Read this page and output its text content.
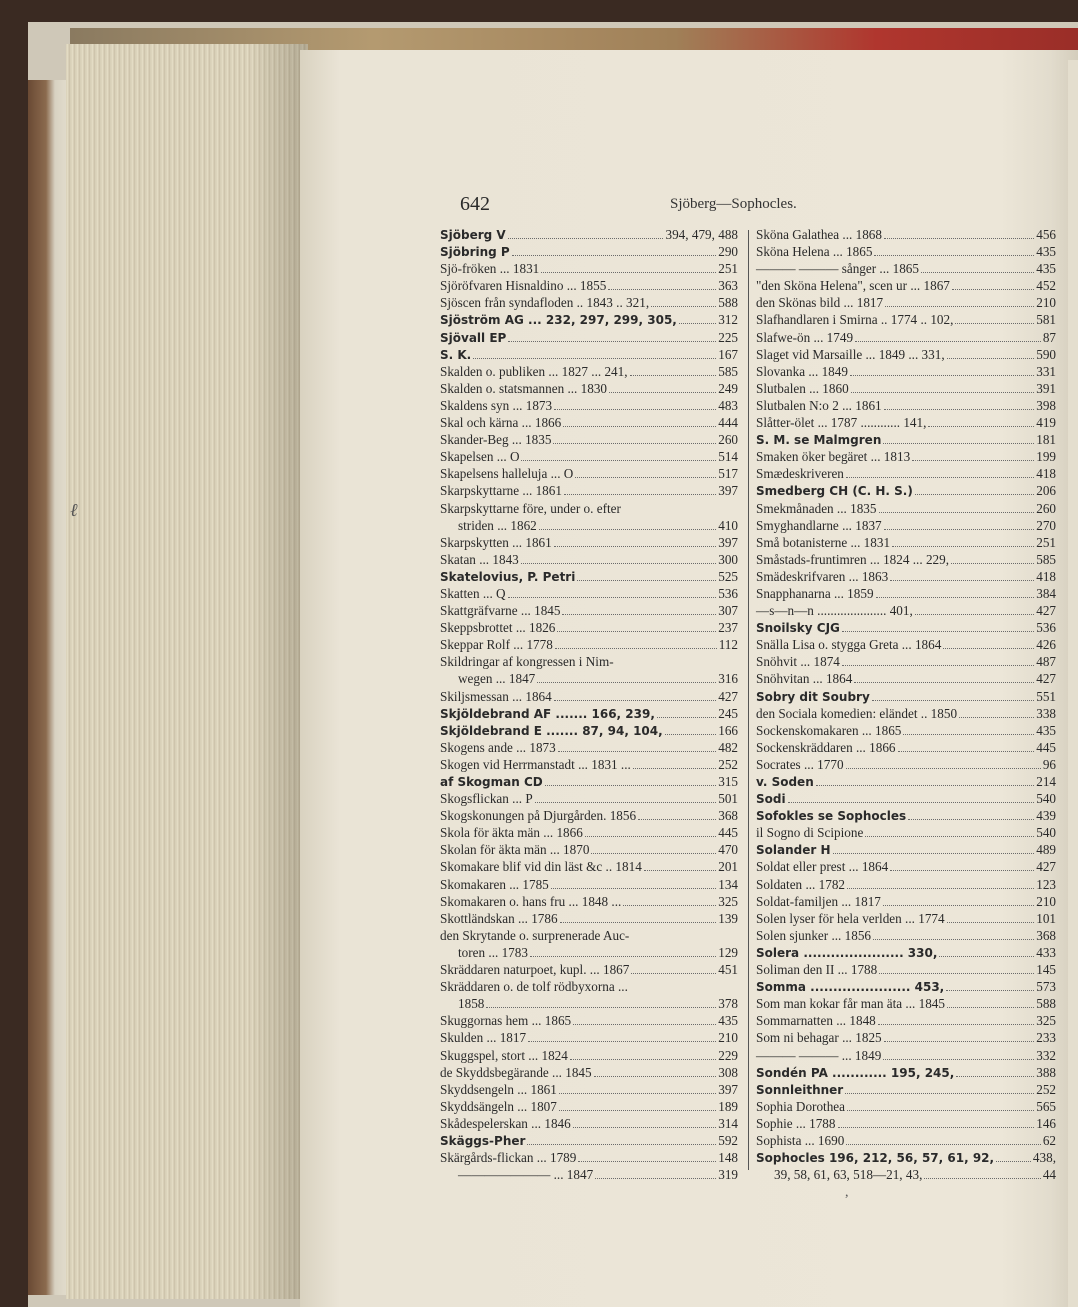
ℓ
642	Sjöberg—Sophocles.
Sjöberg V	394, 479, 488
Sjöbring P	290
Sjö-fröken ... 1831	251
Sjöröfvaren Hisnaldino ... 1855	363
Sjöscen från syndafloden .. 1843 .. 321,	588
Sjöström AG ... 232, 297, 299, 305,	312
Sjövall EP	225
S. K.	167
Skalden o. publiken ... 1827 ... 241,	585
Skalden o. statsmannen ... 1830	249
Skaldens syn ... 1873	483
Skal och kärna ... 1866	444
Skander-Beg ... 1835	260
Skapelsen ... O	514
Skapelsens halleluja ... O	517
Skarpskyttarne ... 1861	397
Skarpskyttarne före, under o. efter
striden ... 1862	410
Skarpskytten ... 1861	397
Skatan ... 1843	300
Skatelovius, P. Petri	525
Skatten ... Q	536
Skattgräfvarne ... 1845	307
Skeppsbrottet ... 1826	237
Skeppar Rolf ... 1778	112
Skildringar af kongressen i Nim-
wegen ... 1847	316
Skiljsmessan ... 1864	427
Skjöldebrand AF ....... 166, 239,	245
Skjöldebrand E ....... 87, 94, 104,	166
Skogens ande ... 1873	482
Skogen vid Herrmanstadt ... 1831 ...	252
af Skogman CD	315
Skogsflickan ... P	501
Skogskonungen på Djurgården. 1856	368
Skola för äkta män ... 1866	445
Skolan för äkta män ... 1870	470
Skomakare blif vid din läst &c .. 1814	201
Skomakaren ... 1785	134
Skomakaren o. hans fru ... 1848 ...	325
Skottländskan ... 1786	139
den Skrytande o. surprenerade Auc-
toren ... 1783	129
Skräddaren naturpoet, kupl. ... 1867	451
Skräddaren o. de tolf rödbyxorna ...
1858	378
Skuggornas hem ... 1865	435
Skulden ... 1817	210
Skuggspel, stort ... 1824	229
de Skyddsbegärande ... 1845	308
Skyddsengeln ... 1861	397
Skyddsängeln ... 1807	189
Skådespelerskan ... 1846	314
Skäggs-Pher	592
Skärgårds-flickan ... 1789	148
——————— ... 1847	319
Sköna Galathea ... 1868	456
Sköna Helena ... 1865	435
——— ——— sånger ... 1865	435
"den Sköna Helena", scen ur ... 1867	452
den Skönas bild ... 1817	210
Slafhandlaren i Smirna .. 1774 .. 102,	581
Slafwe-ön ... 1749	87
Slaget vid Marsaille ... 1849 ... 331,	590
Slovanka ... 1849	331
Slutbalen ... 1860	391
Slutbalen N:o 2 ... 1861	398
Slåtter-ölet ... 1787 ............ 141,	419
S. M. se Malmgren	181
Smaken öker begäret ... 1813	199
Smædeskriveren	418
Smedberg CH (C. H. S.)	206
Smekmånaden ... 1835	260
Smyghandlarne ... 1837	270
Små botanisterne ... 1831	251
Småstads-fruntimren ... 1824 ... 229,	585
Smädeskrifvaren ... 1863	418
Snapphanarna ... 1859	384
—s—n—n ..................... 401,	427
Snoilsky CJG	536
Snälla Lisa o. stygga Greta ... 1864	426
Snöhvit ... 1874	487
Snöhvitan ... 1864	427
Sobry dit Soubry	551
den Sociala komedien: eländet .. 1850	338
Sockenskomakaren ... 1865	435
Sockenskräddaren ... 1866	445
Socrates ... 1770	96
v. Soden	214
Sodi	540
Sofokles se Sophocles	439
il Sogno di Scipione	540
Solander H	489
Soldat eller prest ... 1864	427
Soldaten ... 1782	123
Soldat-familjen ... 1817	210
Solen lyser för hela verlden ... 1774	101
Solen sjunker ... 1856	368
Solera ...................... 330,	433
Soliman den II ... 1788	145
Somma ...................... 453,	573
Som man kokar får man äta ... 1845	588
Sommarnatten ... 1848	325
Som ni behagar ... 1825	233
——— ——— ... 1849	332
Sondén PA ............ 195, 245,	388
Sonnleithner	252
Sophia Dorothea	565
Sophie ... 1788	146
Sophista ... 1690	62
Sophocles 196, 212, 56, 57, 61, 92,	438,
39, 58, 61, 63, 518—21, 43,	44
,
